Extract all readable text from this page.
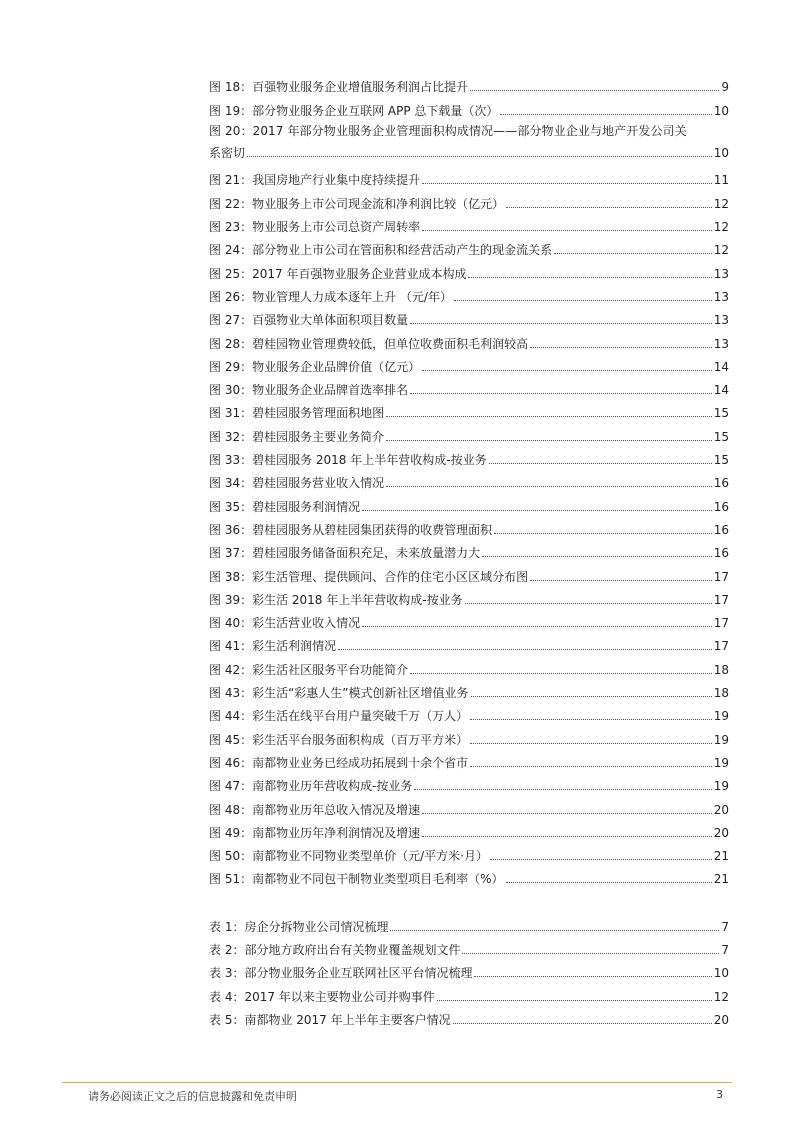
图 18：百强物业服务企业增值服务利润占比提升	9
图 19：部分物业服务企业互联网 APP 总下载量（次）	10
图 20：2017 年部分物业服务企业管理面积构成情况——部分物业企业与地产开发公司关
系密切	10
图 21：我国房地产行业集中度持续提升	11
图 22：物业服务上市公司现金流和净利润比较（亿元）	12
图 23：物业服务上市公司总资产周转率	12
图 24：部分物业上市公司在管面积和经营活动产生的现金流关系	12
图 25：2017 年百强物业服务企业营业成本构成	13
图 26：物业管理人力成本逐年上升 （元/年）	13
图 27：百强物业大单体面积项目数量	13
图 28：碧桂园物业管理费较低，但单位收费面积毛利润较高	13
图 29：物业服务企业品牌价值（亿元）	14
图 30：物业服务企业品牌首选率排名	14
图 31：碧桂园服务管理面积地图	15
图 32：碧桂园服务主要业务简介	15
图 33：碧桂园服务 2018 年上半年营收构成-按业务	15
图 34：碧桂园服务营业收入情况	16
图 35：碧桂园服务利润情况	16
图 36：碧桂园服务从碧桂园集团获得的收费管理面积	16
图 37：碧桂园服务储备面积充足，未来放量潜力大	16
图 38：彩生活管理、提供顾问、合作的住宅小区区域分布图	17
图 39：彩生活 2018 年上半年营收构成-按业务	17
图 40：彩生活营业收入情况	17
图 41：彩生活利润情况	17
图 42：彩生活社区服务平台功能简介	18
图 43：彩生活“彩惠人生”模式创新社区增值业务	18
图 44：彩生活在线平台用户量突破千万（万人）	19
图 45：彩生活平台服务面积构成（百万平方米）	19
图 46：南都物业业务已经成功拓展到十余个省市	19
图 47：南都物业历年营收构成-按业务	19
图 48：南都物业历年总收入情况及增速	20
图 49：南都物业历年净利润情况及增速	20
图 50：南都物业不同物业类型单价（元/平方米·月）	21
图 51：南都物业不同包干制物业类型项目毛利率（%）	21
表 1：房企分拆物业公司情况梳理	7
表 2：部分地方政府出台有关物业覆盖规划文件	7
表 3：部分物业服务企业互联网社区平台情况梳理	10
表 4：2017 年以来主要物业公司并购事件	12
表 5：南都物业 2017 年上半年主要客户情况	20
请务必阅读正文之后的信息披露和免责申明	3
